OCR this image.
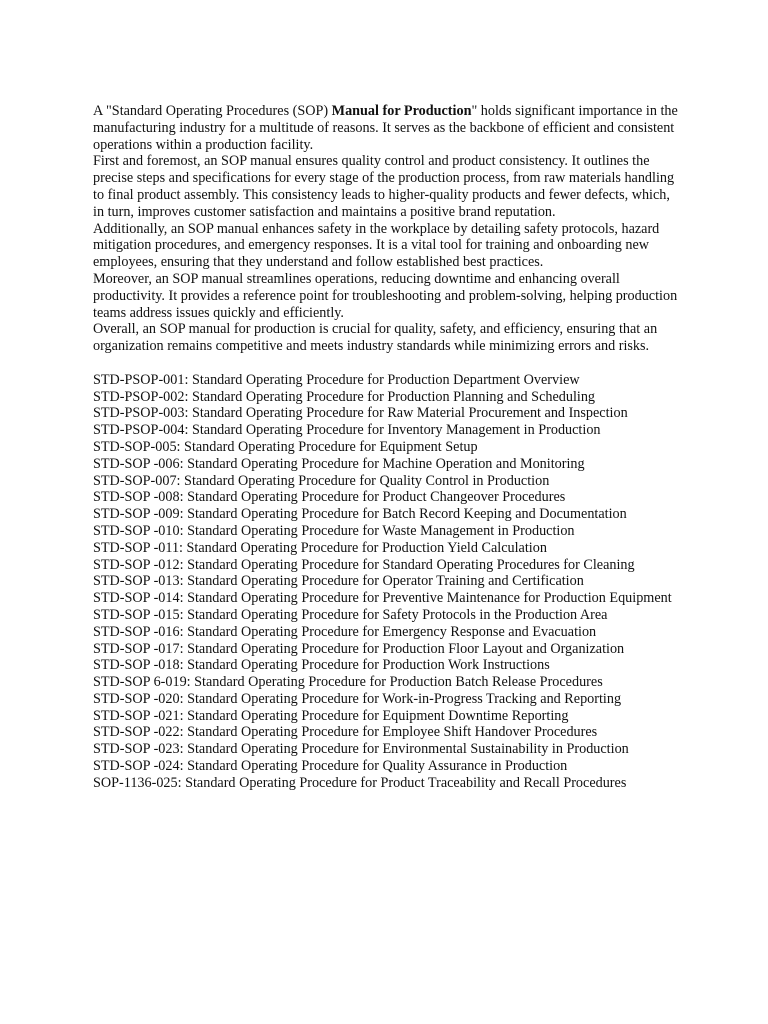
A "Standard Operating Procedures (SOP) Manual for Production" holds significant importance in the manufacturing industry for a multitude of reasons. It serves as the backbone of efficient and consistent operations within a production facility.

First and foremost, an SOP manual ensures quality control and product consistency. It outlines the precise steps and specifications for every stage of the production process, from raw materials handling to final product assembly. This consistency leads to higher-quality products and fewer defects, which, in turn, improves customer satisfaction and maintains a positive brand reputation.

Additionally, an SOP manual enhances safety in the workplace by detailing safety protocols, hazard mitigation procedures, and emergency responses. It is a vital tool for training and onboarding new employees, ensuring that they understand and follow established best practices.

Moreover, an SOP manual streamlines operations, reducing downtime and enhancing overall productivity. It provides a reference point for troubleshooting and problem-solving, helping production teams address issues quickly and efficiently.

Overall, an SOP manual for production is crucial for quality, safety, and efficiency, ensuring that an organization remains competitive and meets industry standards while minimizing errors and risks.

STD-PSOP-001: Standard Operating Procedure for Production Department Overview
STD-PSOP-002: Standard Operating Procedure for Production Planning and Scheduling
STD-PSOP-003: Standard Operating Procedure for Raw Material Procurement and Inspection
STD-PSOP-004: Standard Operating Procedure for Inventory Management in Production
STD-SOP-005: Standard Operating Procedure for Equipment Setup
STD-SOP -006: Standard Operating Procedure for Machine Operation and Monitoring
STD-SOP-007: Standard Operating Procedure for Quality Control in Production
STD-SOP -008: Standard Operating Procedure for Product Changeover Procedures
STD-SOP -009: Standard Operating Procedure for Batch Record Keeping and Documentation
STD-SOP -010: Standard Operating Procedure for Waste Management in Production
STD-SOP -011: Standard Operating Procedure for Production Yield Calculation
STD-SOP -012: Standard Operating Procedure for Standard Operating Procedures for Cleaning
STD-SOP -013: Standard Operating Procedure for Operator Training and Certification
STD-SOP -014: Standard Operating Procedure for Preventive Maintenance for Production Equipment
STD-SOP -015: Standard Operating Procedure for Safety Protocols in the Production Area
STD-SOP -016: Standard Operating Procedure for Emergency Response and Evacuation
STD-SOP -017: Standard Operating Procedure for Production Floor Layout and Organization
STD-SOP -018: Standard Operating Procedure for Production Work Instructions
STD-SOP 6-019: Standard Operating Procedure for Production Batch Release Procedures
STD-SOP -020: Standard Operating Procedure for Work-in-Progress Tracking and Reporting
STD-SOP -021: Standard Operating Procedure for Equipment Downtime Reporting
STD-SOP -022: Standard Operating Procedure for Employee Shift Handover Procedures
STD-SOP -023: Standard Operating Procedure for Environmental Sustainability in Production
STD-SOP -024: Standard Operating Procedure for Quality Assurance in Production
SOP-1136-025: Standard Operating Procedure for Product Traceability and Recall Procedures
